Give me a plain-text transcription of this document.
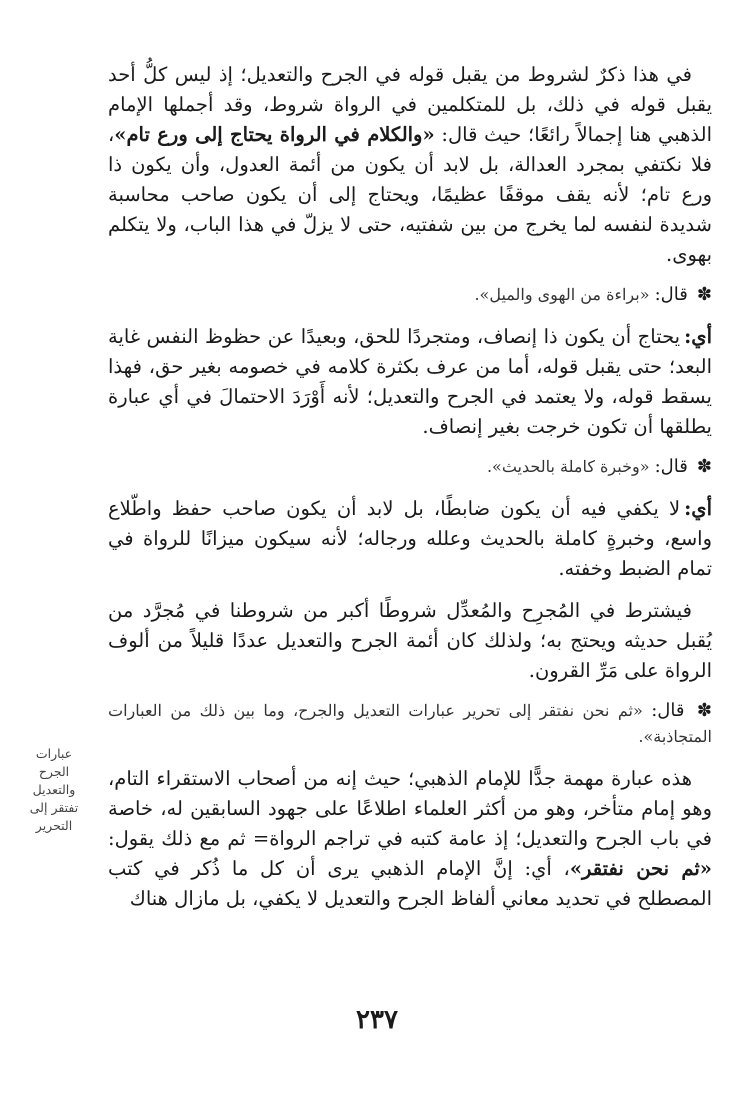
في هذا ذكرٌ لشروط من يقبل قوله في الجرح والتعديل؛ إذ ليس كلُّ أحد يقبل قوله في ذلك، بل للمتكلمين في الرواة شروط، وقد أجملها الإمام الذهبي هنا إجمالاً رائعًا؛ حيث قال: «والكلام في الرواة يحتاج إلى ورع تام»، فلا نكتفي بمجرد العدالة، بل لابد أن يكون من أئمة العدول، وأن يكون ذا ورع تام؛ لأنه يقف موقفًا عظيمًا، ويحتاج إلى أن يكون صاحب محاسبة شديدة لنفسه لما يخرج من بين شفتيه، حتى لا يزلّ في هذا الباب، ولا يتكلم بهوى.

✽ قال: «براءة من الهوى والميل».

أي:يحتاج أن يكون ذا إنصاف، ومتجردًا للحق، وبعيدًا عن حظوظ النفس غاية البعد؛ حتى يقبل قوله، أما من عرف بكثرة كلامه في خصومه بغير حق، فهذا يسقط قوله، ولا يعتمد في الجرح والتعديل؛ لأنه أَوْرَدَ الاحتمالَ في أي عبارة يطلقها أن تكون خرجت بغير إنصاف.

✽ قال: «وخبرة كاملة بالحديث».

أي:لا يكفي فيه أن يكون ضابطًا، بل لابد أن يكون صاحب حفظ واطّلاع واسع، وخبرةٍ كاملة بالحديث وعلله ورجاله؛ لأنه سيكون ميزانًا للرواة في تمام الضبط وخفته.

فيشترط في المُجرِح والمُعدِّل شروطًا أكبر من شروطنا في مُجرَّد من يُقبل حديثه ويحتج به؛ ولذلك كان أئمة الجرح والتعديل عددًا قليلاً من ألوف الرواة على مَرِّ القرون.

✽ قال: «ثم نحن نفتقر إلى تحرير عبارات التعديل والجرح، وما بين ذلك من العبارات المتجاذبة».

هذه عبارة مهمة جدًّا للإمام الذهبي؛ حيث إنه من أصحاب الاستقراء التام، وهو إمام متأخر، وهو من أكثر العلماء اطلاعًا على جهود السابقين له، خاصة في باب الجرح والتعديل؛ إذ عامة كتبه في تراجم الرواة= ثم مع ذلك يقول: «ثم نحن نفتقر»، أي: إنَّ الإمام الذهبي يرى أن كل ما ذُكر في كتب المصطلح في تحديد معاني ألفاظ الجرح والتعديل لا يكفي، بل مازال هناك

عبارات
الجرح
والتعديل
تفتقر إلى
التحرير
٢٣٧
